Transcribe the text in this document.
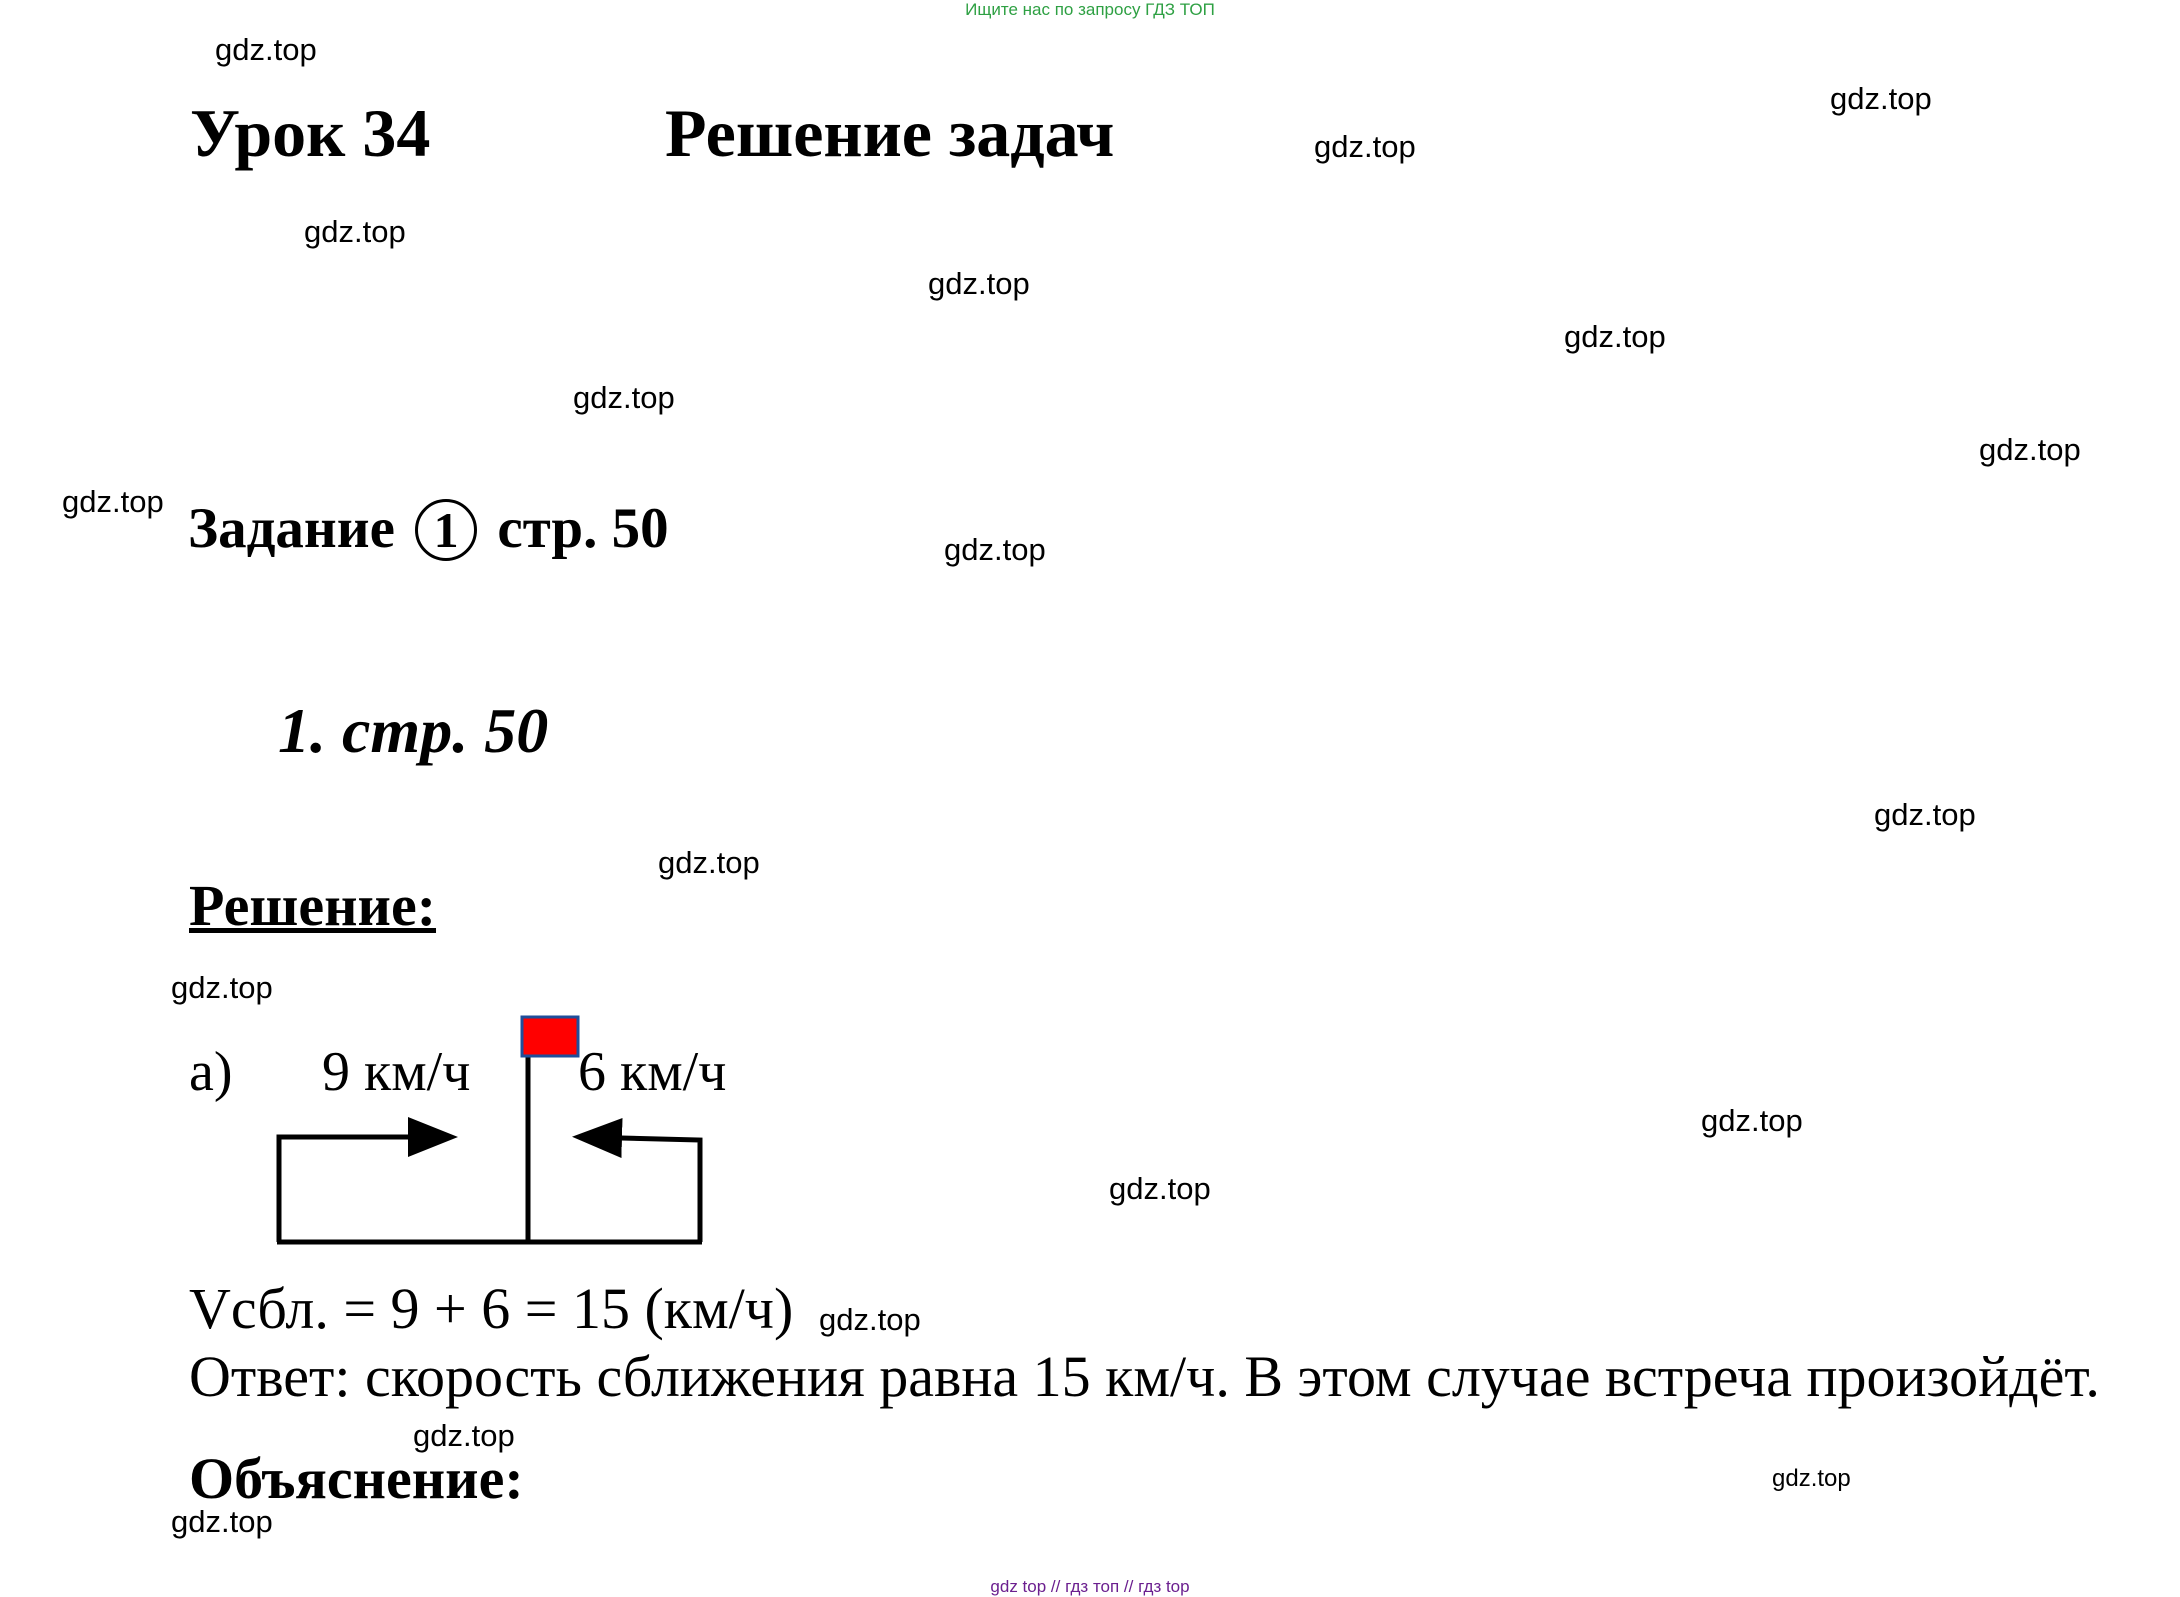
Ищите нас по запросу ГДЗ ТОП
Урок 34	Решение задач
Задание 1 стр. 50
1. стр. 50
Решение:
а) 9 км/ч 6 км/ч
Vсбл. = 9 + 6 = 15 (км/ч)
Ответ: скорость сближения равна 15 км/ч. В этом случае встреча произойдёт.
Объяснение:
gdz.top
gdz.top
gdz.top
gdz.top
gdz.top
gdz.top
gdz.top
gdz.top
gdz.top
gdz.top
gdz.top
gdz.top
gdz.top
gdz.top
gdz.top
gdz.top
gdz.top
gdz.top
gdz.top
gdz top // гдз топ // гдз top
